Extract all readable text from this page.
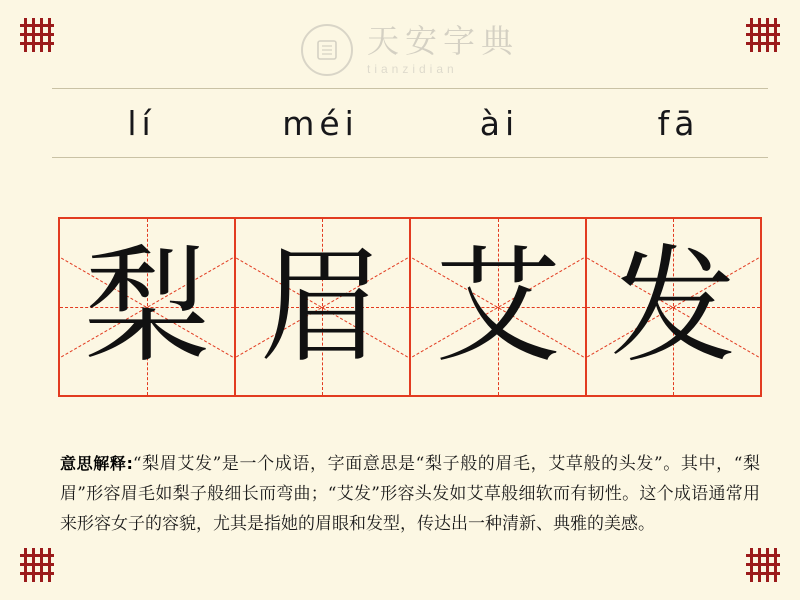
天安字典
tianzidian
lí	méi	ài	fā
梨 眉 艾 发
意思解释:“梨眉艾发”是一个成语，字面意思是“梨子般的眉毛，艾草般的头发”。其中，“梨眉”形容眉毛如梨子般细长而弯曲；“艾发”形容头发如艾草般细软而有韧性。这个成语通常用来形容女子的容貌，尤其是指她的眉眼和发型，传达出一种清新、典雅的美感。
